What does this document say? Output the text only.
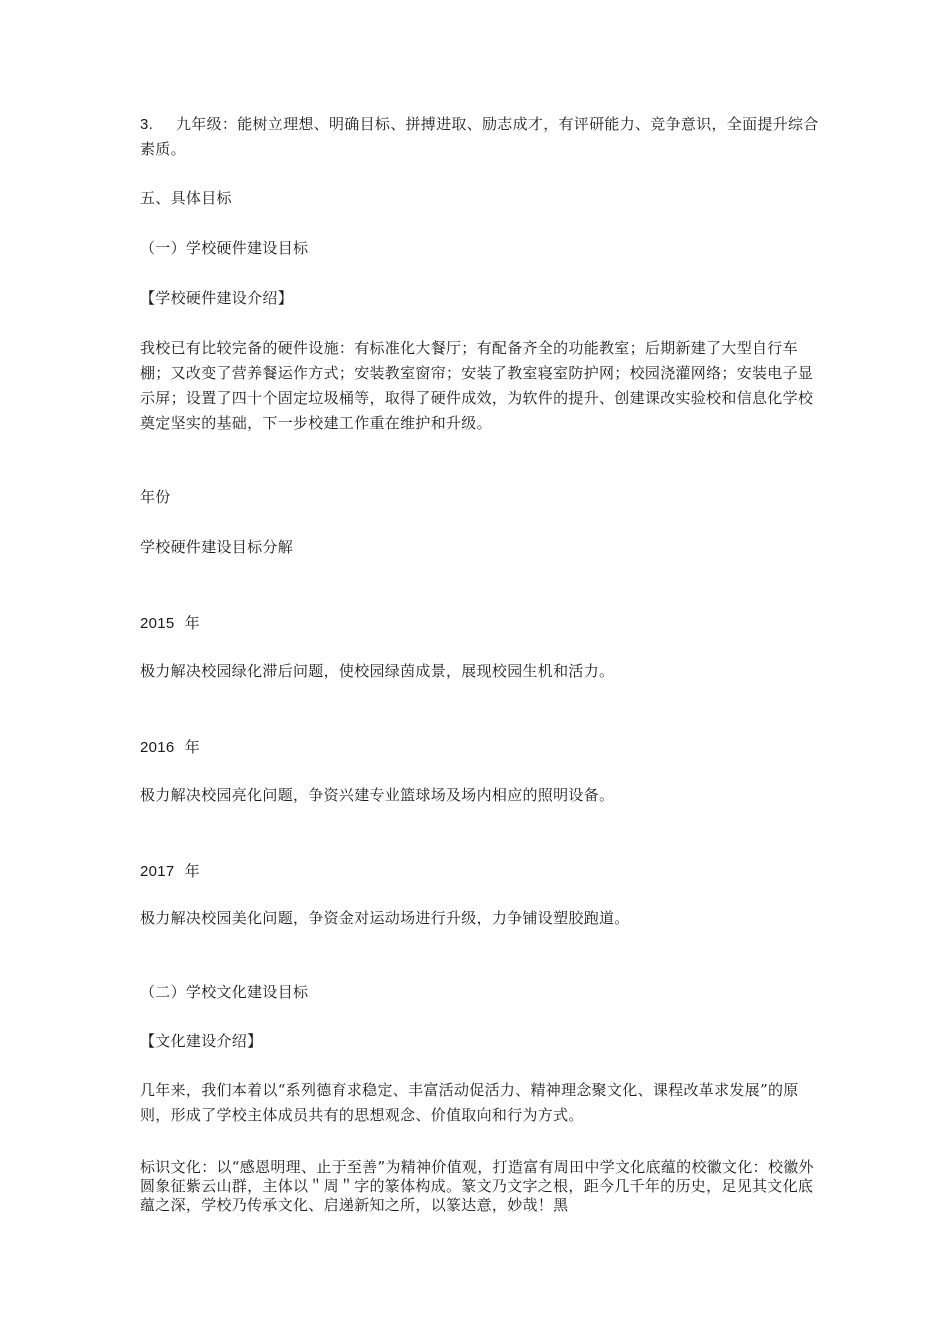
3. 九年级：能树立理想、明确目标、拼搏进取、励志成才，有评研能力、竞争意识，全面提升综合素质。

五、具体目标

（一）学校硬件建设目标

【学校硬件建设介绍】

我校已有比较完备的硬件设施：有标准化大餐厅；有配备齐全的功能教室；后期新建了大型自行车棚；又改变了营养餐运作方式；安装教室窗帘；安装了教室寝室防护网；校园浇灌网络；安装电子显示屏；设置了四十个固定垃圾桶等，取得了硬件成效，为软件的提升、创建课改实验校和信息化学校奠定坚实的基础，下一步校建工作重在维护和升级。

年份

学校硬件建设目标分解

2015 年

极力解决校园绿化滞后问题，使校园绿茵成景，展现校园生机和活力。

2016 年

极力解决校园亮化问题，争资兴建专业篮球场及场内相应的照明设备。

2017 年

极力解决校园美化问题，争资金对运动场进行升级，力争铺设塑胶跑道。

（二）学校文化建设目标

【文化建设介绍】

几年来，我们本着以“系列德育求稳定、丰富活动促活力、精神理念聚文化、课程改革求发展”的原则，形成了学校主体成员共有的思想观念、价值取向和行为方式。

标识文化：以“感恩明理、止于至善”为精神价值观，打造富有周田中学文化底蕴的校徽文化：校徽外圆象征紫云山群，主体以＂周＂字的篆体构成。篆文乃文字之根，距今几千年的历史，足见其文化底蕴之深，学校乃传承文化、启递新知之所，以篆达意，妙哉！黑
